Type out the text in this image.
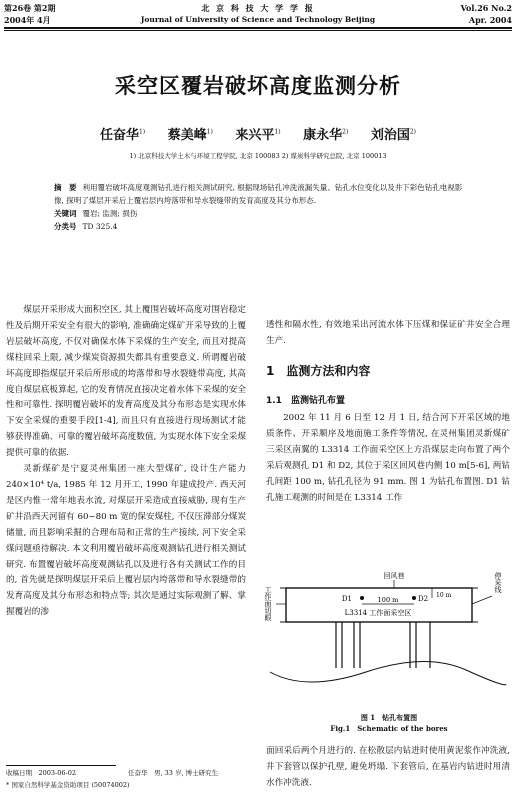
第26卷 第2期
2004年 4月
北 京 科 技 大 学 学 报
Journal of University of Science and Technology Beijing
Vol.26 No.2
Apr. 2004
采空区覆岩破坏高度监测分析
任奋华$^{1)}$ 蔡美峰$^{1)}$ 来兴平$^{1)}$ 康永华$^{2)}$ 刘治国$^{2)}$
1) 北京科技大学土木与环境工程学院, 北京 100083 2) 煤炭科学研究总院, 北京 100013
摘　要 利用覆岩破坏高度观测钻孔进行相关测试研究, 根据现场钻孔冲洗液漏失量、钻孔水位变化以及井下彩色钻孔电视影像, 探明了煤层开采后上覆岩层内垮落带和导水裂缝带的发育高度及其分布形态.
关键词 覆岩; 监测; 损伤
分类号 TD 325.4

煤层开采形成大面积空区, 其上覆围岩破坏高度对围岩稳定性及后期开采安全有很大的影响, 准确确定煤矿开采导致的上覆岩层破坏高度, 不仅对确保水体下采煤的生产安全, 而且对提高煤柱回采上限, 减少煤炭资源损失都具有重要意义. 所谓覆岩破坏高度即指煤层开采后所形成的垮落带和导水裂缝带高度, 其高度自煤层底板算起, 它的发育情况直接决定着水体下采煤的安全性和可靠性. 探明覆岩破坏的发育高度及其分布形态是实现水体下安全采煤的重要手段[1-4], 而且只有直接进行现场测试才能够获得准确、可靠的覆岩破坏高度数值, 为实现水体下安全采煤提供可靠的依据.

灵新煤矿是宁夏灵州集团一座大型煤矿, 设计生产能力 240×10⁴ t/a, 1985 年 12 月开工, 1990 年建成投产. 西天河是区内惟一常年地表水流, 对煤层开采造成直接威胁, 现有生产矿井沿西天河留有 60~80 m 宽的保安煤柱, 不仅压滞部分煤炭储量, 而且影响采掘的合理布局和正常的生产接续, 河下安全采煤问题亟待解决. 本文利用覆岩破坏高度观测钻孔进行相关测试研究. 布置覆岩破坏高度观测钻孔以及进行各有关测试工作的目的, 首先就是探明煤层开采后上覆岩层内垮落带和导水裂缝带的发育高度及其分布形态和特点等; 其次是通过实际观测了解、掌握覆岩的渗

收稿日期　2003-06-02	任奋华　男, 33 岁, 博士研究生
* 国家自然科学基金资助项目 (50074002)

透性和隔水性, 有效地采出河流水体下压煤和保证矿井安全合理生产.

1　监测方法和内容
1.1　监测钻孔布置

2002 年 11 月 6 日至 12 月 1 日, 结合河下开采区域的地质条件、开采顺序及地面施工条件等情况, 在灵州集团灵新煤矿三采区南翼的 L3314 工作面采空区上方沿煤层走向布置了两个采后观测孔 D1 和 D2, 其位于采区回风巷内侧 10 m[5-6], 两钻孔间距 100 m, 钻孔孔径为 91 mm. 图 1 为钻孔布置图. D1 钻孔施工观测的时间是在 L3314 工作

回风巷
D1	D2
100 m
10 m
L3314 工作面采空区
工作面切眼
停采线
图 1　钻孔布置图
Fig.1　Schematic of the bores

面回采后两个月进行的. 在松散层内钻进时使用黄泥浆作冲洗液, 井下套管以保护孔壁, 避免坍塌. 下套管后, 在基岩内钻进时用清水作冲洗液.
